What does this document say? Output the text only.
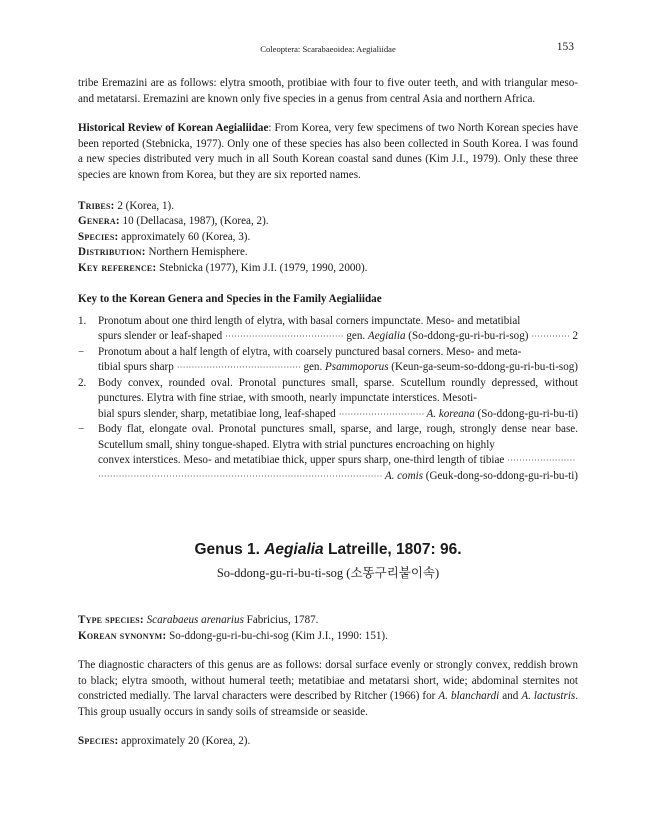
Coleoptera: Scarabaeoidea: Aegialiidae	153

tribe Eremazini are as follows: elytra smooth, protibiae with four to five outer teeth, and with triangular meso- and metatarsi. Eremazini are known only five species in a genus from central Asia and northern Africa.

Historical Review of Korean Aegialiidae: From Korea, very few specimens of two North Korean species have been reported (Stebnicka, 1977). Only one of these species has also been collected in South Korea. I was found a new species distributed very much in all South Korean coastal sand dunes (Kim J.I., 1979). Only these three species are known from Korea, but they are six reported names.

Tribes: 2 (Korea, 1).
Genera: 10 (Dellacasa, 1987), (Korea, 2).
Species: approximately 60 (Korea, 3).
Distribution: Northern Hemisphere.
Key reference: Stebnicka (1977), Kim J.I. (1979, 1990, 2000).
Key to the Korean Genera and Species in the Family Aegialiidae
1. Pronotum about one third length of elytra, with basal corners impunctate. Meso- and metatibial
spurs slender or leaf-shaped ·····	gen. Aegialia (So-ddong-gu-ri-bu-ri-sog) ·····	2
− Pronotum about a half length of elytra, with coarsely punctured basal corners. Meso- and meta-
tibial spurs sharp ·····	gen. Psammoporus (Keun-ga-seum-so-ddong-gu-ri-bu-ti-sog)
2. Body convex, rounded oval. Pronotal punctures small, sparse. Scutellum roundly depressed, without punctures. Elytra with fine striae, with smooth, nearly impunctate interstices. Mesoti-
bial spurs slender, sharp, metatibiae long, leaf-shaped ·····	A. koreana (So-ddong-gu-ri-bu-ti)
− Body flat, elongate oval. Pronotal punctures small, sparse, and large, rough, strongly dense near base. Scutellum small, shiny tongue-shaped. Elytra with strial punctures encroaching on highly
convex interstices. Meso- and metatibiae thick, upper spurs sharp, one-third length of tibiae
·····
·····
A. comis (Geuk-dong-so-ddong-gu-ri-bu-ti)
Genus 1. Aegialia Latreille, 1807: 96.
So-ddong-gu-ri-bu-ti-sog (소똥구리붙이속)
Type species: Scarabaeus arenarius Fabricius, 1787.
Korean synonym: So-ddong-gu-ri-bu-chi-sog (Kim J.I., 1990: 151).

The diagnostic characters of this genus are as follows: dorsal surface evenly or strongly convex, reddish brown to black; elytra smooth, without humeral teeth; metatibiae and metatarsi short, wide; abdominal sternites not constricted medially. The larval characters were described by Ritcher (1966) for A. blanchardi and A. lactustris. This group usually occurs in sandy soils of streamside or seaside.

Species: approximately 20 (Korea, 2).
